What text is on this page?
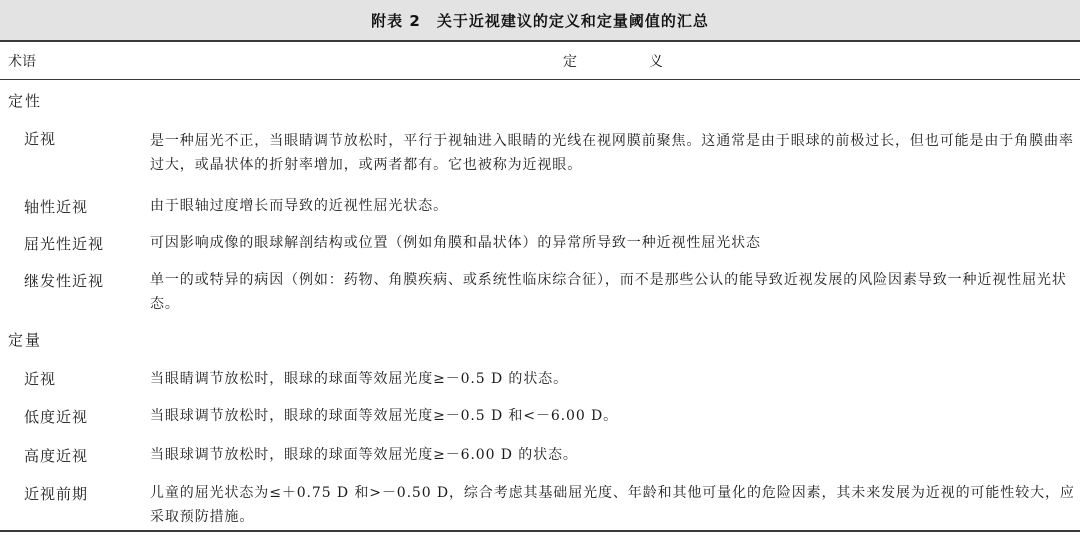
附表 2　关于近视建议的定义和定量阈值的汇总
术语	定义
定性
近视	是一种屈光不正，当眼睛调节放松时，平行于视轴进入眼睛的光线在视网膜前聚焦。这通常是由于眼球的前极过长，但也可能是由于角膜曲率过大，或晶状体的折射率增加，或两者都有。它也被称为近视眼。
轴性近视	由于眼轴过度增长而导致的近视性屈光状态。
屈光性近视	可因影响成像的眼球解剖结构或位置（例如角膜和晶状体）的异常所导致一种近视性屈光状态
继发性近视	单一的或特异的病因（例如：药物、角膜疾病、或系统性临床综合征），而不是那些公认的能导致近视发展的风险因素导致一种近视性屈光状态。
定量
近视	当眼睛调节放松时，眼球的球面等效屈光度≥－0.5 D 的状态。
低度近视	当眼球调节放松时，眼球的球面等效屈光度≥－0.5 D 和<－6.00 D。
高度近视	当眼球调节放松时，眼球的球面等效屈光度≥－6.00 D 的状态。
近视前期	儿童的屈光状态为≤＋0.75 D 和>－0.50 D，综合考虑其基础屈光度、年龄和其他可量化的危险因素，其未来发展为近视的可能性较大，应采取预防措施。
